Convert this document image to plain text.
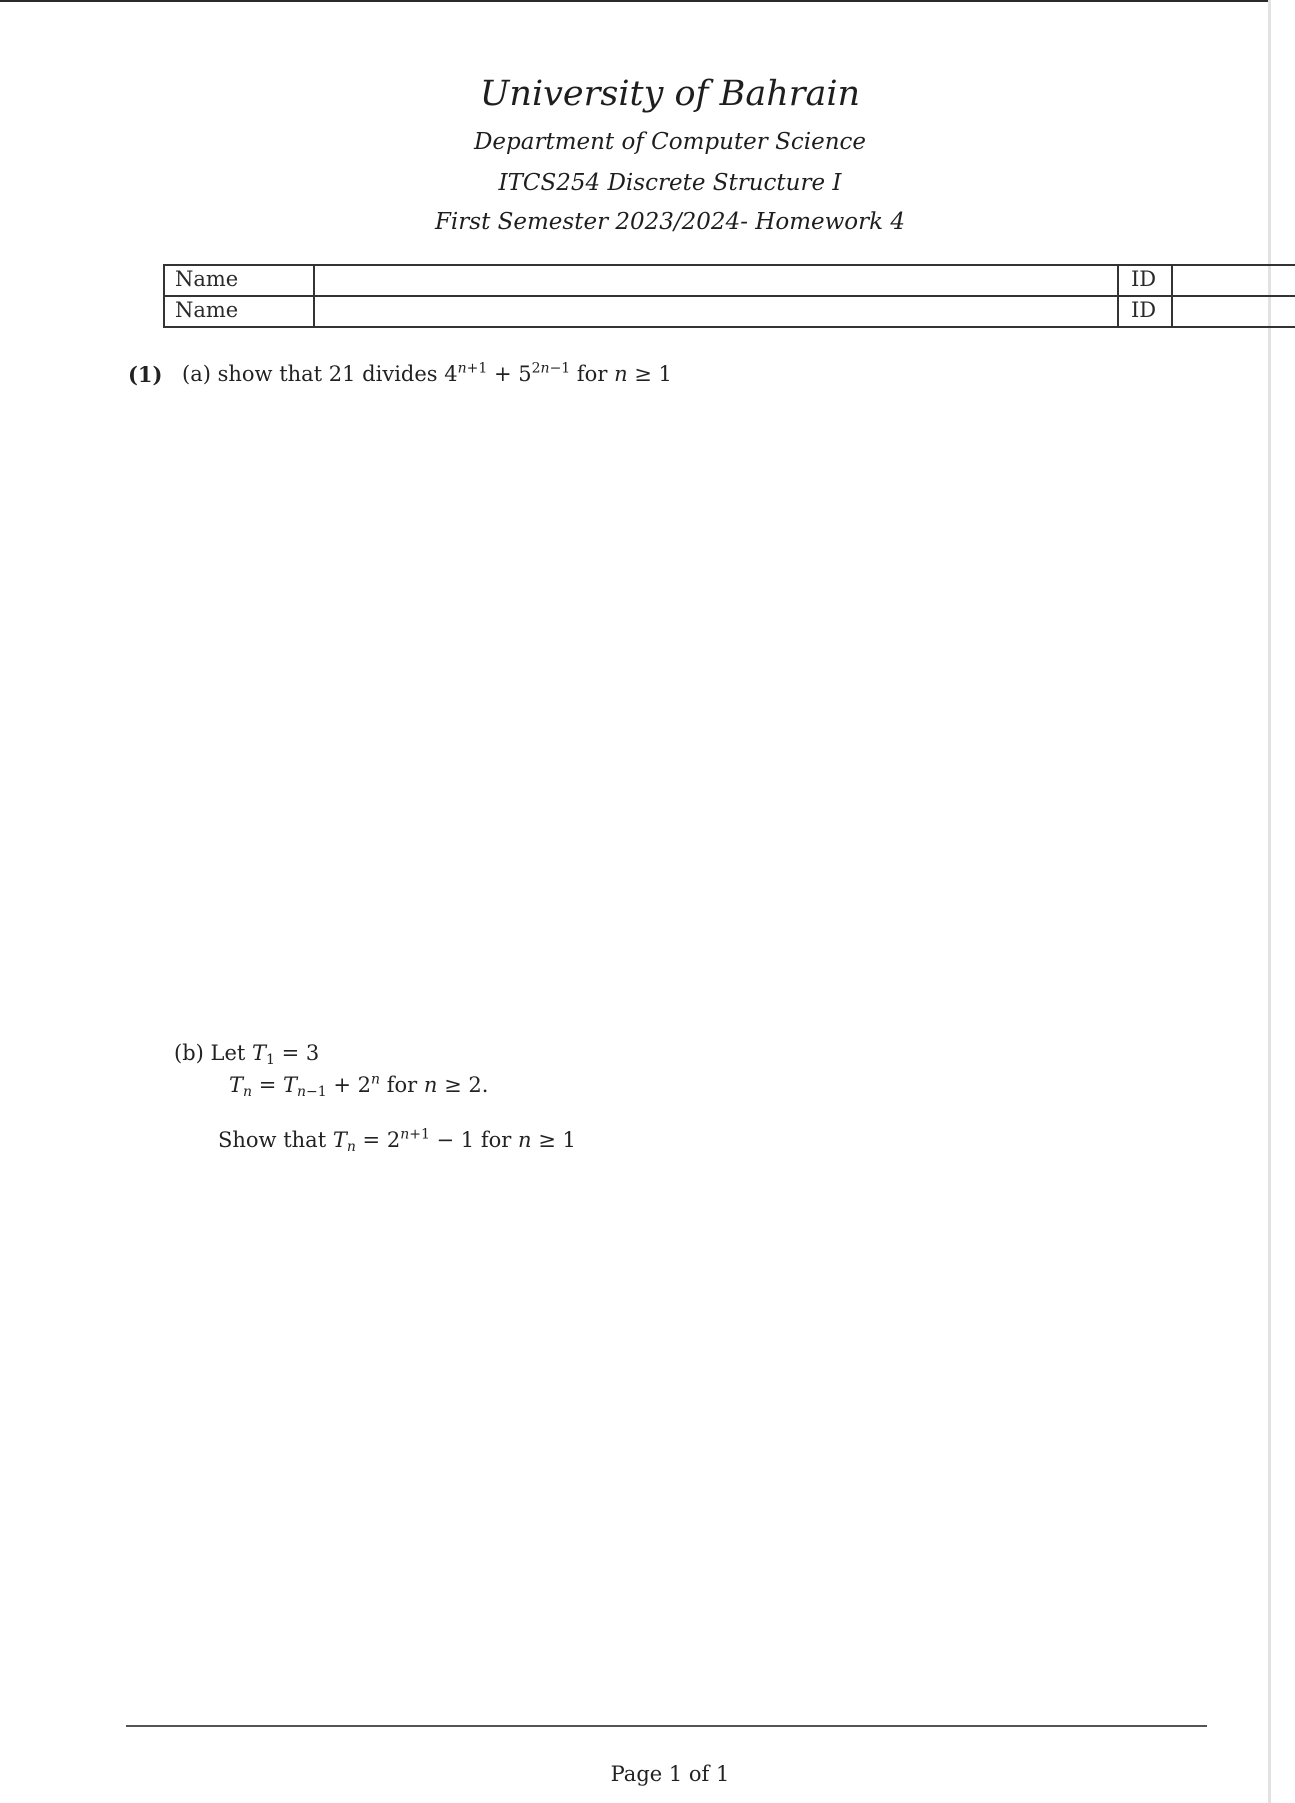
University of Bahrain
Department of Computer Science
ITCS254 Discrete Structure I
First Semester 2023/2024- Homework 4
Name	ID
Name	ID
(1) (a) show that 21 divides $4^{n+1} + 5^{2n-1}$ for n ≥ 1
(b) Let $T_1 = 3$
$T_n = T_{n-1} + 2^n$ for n ≥ 2.
Show that $T_n = 2^{n+1} - 1$ for n ≥ 1
Page 1 of 1
